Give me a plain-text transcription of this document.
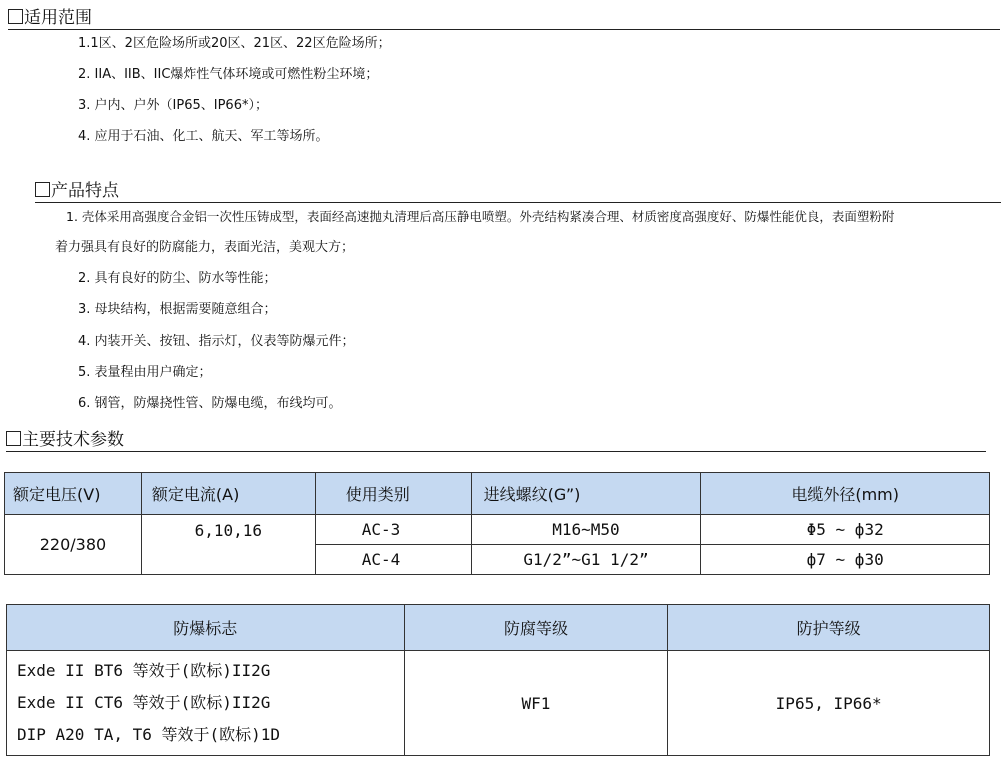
适用范围
1.1区、2区危险场所或20区、21区、22区危险场所；
2. IIA、IIB、IIC爆炸性气体环境或可燃性粉尘环境；
3. 户内、户外（IP65、IP66*）；
4. 应用于石油、化工、航天、军工等场所。
产品特点
1. 壳体采用高强度合金铝一次性压铸成型，表面经高速抛丸清理后高压静电喷塑。外壳结构紧凑合理、材质密度高强度好、防爆性能优良，表面塑粉附
着力强具有良好的防腐能力，表面光洁，美观大方；
2. 具有良好的防尘、防水等性能；
3. 母块结构，根据需要随意组合；
4. 内装开关、按钮、指示灯，仪表等防爆元件；
5. 表量程由用户确定；
6. 钢管，防爆挠性管、防爆电缆，布线均可。
主要技术参数
额定电压(V)	额定电流(A)	使用类别	进线螺纹(G”)	电缆外径(mm)
220/380	6,10,16	AC-3	M16~M50	Φ5 ~ ф32
		AC-4	G1/2”~G1 1/2”	ф7 ~ ф30
防爆标志	防腐等级	防护等级

Exde II BT6 等效于(欧标)II2G
Exde II CT6 等效于(欧标)II2G
DIP A20 TA, T6 等效于(欧标)1D	WF1	IP65, IP66*
